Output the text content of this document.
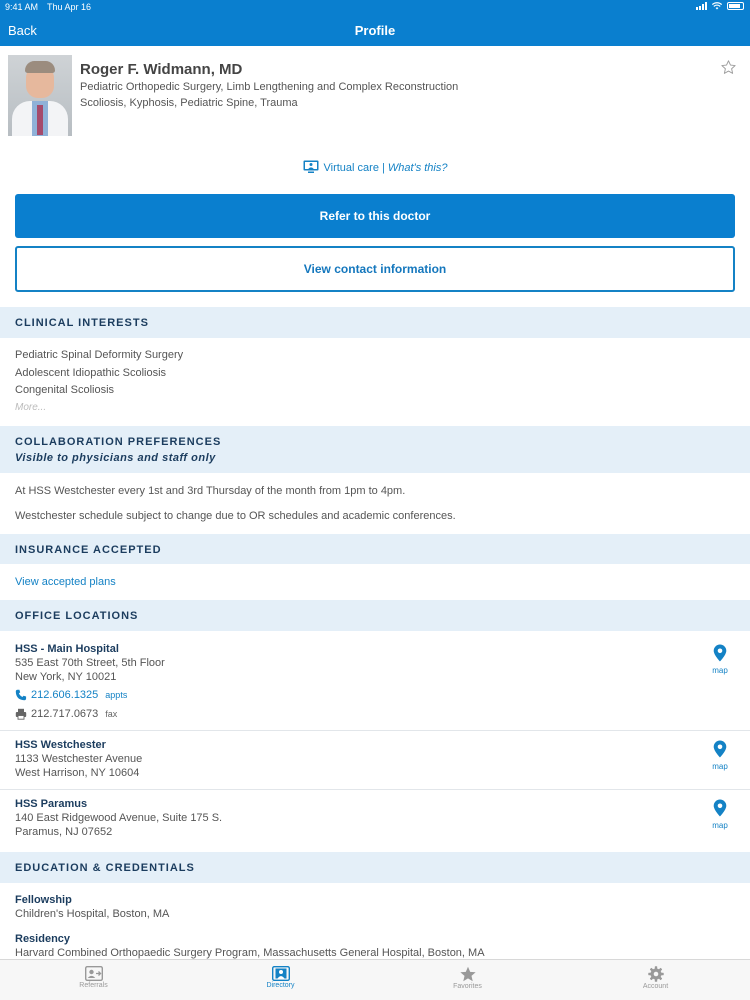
9:41 AM Thu Apr 16
Back	Profile
Roger F. Widmann, MD
Pediatric Orthopedic Surgery, Limb Lengthening and Complex Reconstruction
Scoliosis, Kyphosis, Pediatric Spine, Trauma
Virtual care | What's this?
Refer to this doctor
View contact information
CLINICAL INTERESTS
Pediatric Spinal Deformity Surgery
Adolescent Idiopathic Scoliosis
Congenital Scoliosis
More...
COLLABORATION PREFERENCES
Visible to physicians and staff only
At HSS Westchester every 1st and 3rd Thursday of the month from 1pm to 4pm.
Westchester schedule subject to change due to OR schedules and academic conferences.
INSURANCE ACCEPTED
View accepted plans
OFFICE LOCATIONS
HSS - Main Hospital
535 East 70th Street, 5th Floor
New York, NY 10021
212.606.1325 appts
212.717.0673 fax
map
HSS Westchester
1133 Westchester Avenue
West Harrison, NY 10604
map
HSS Paramus
140 East Ridgewood Avenue, Suite 175 S.
Paramus, NJ 07652
map
EDUCATION & CREDENTIALS
Fellowship
Children's Hospital, Boston, MA
Residency
Harvard Combined Orthopaedic Surgery Program, Massachusetts General Hospital, Boston, MA
Referrals	Directory	Favorites	Account
